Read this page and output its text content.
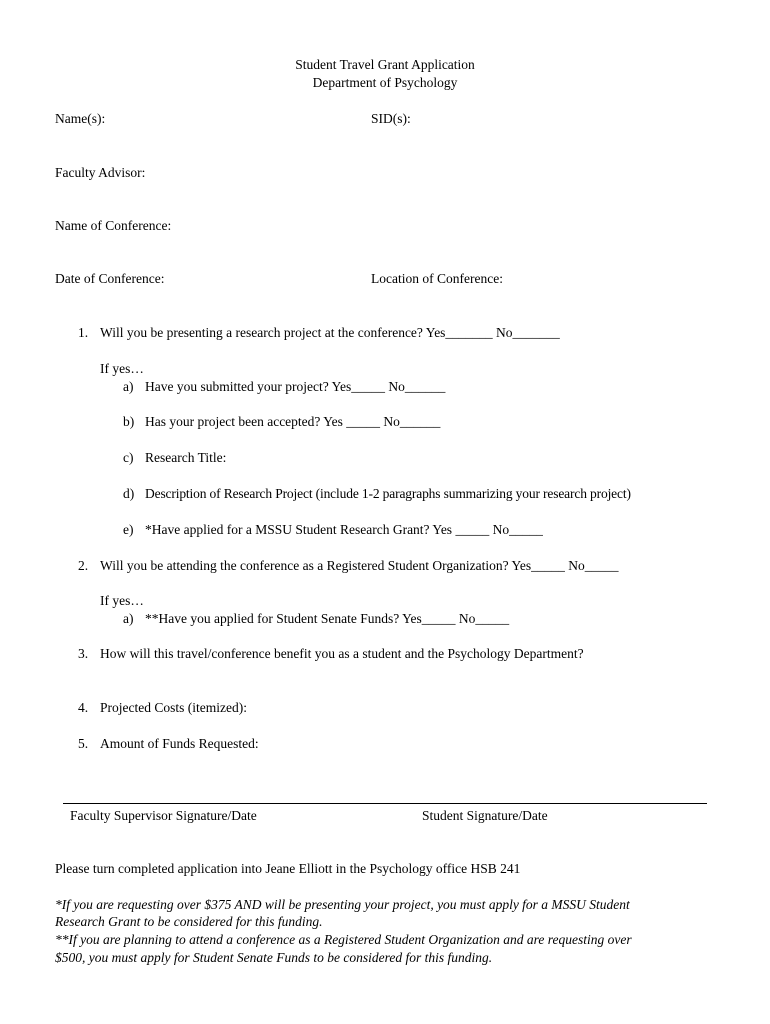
Student Travel Grant Application
Department of Psychology
Name(s):	SID(s):
Faculty Advisor:
Name of Conference:
Date of Conference:	Location of Conference:
1. Will you be presenting a research project at the conference? Yes_______ No_______
If yes…
a) Have you submitted your project? Yes_____ No______
b) Has your project been accepted? Yes _____ No______
c) Research Title:
d) Description of Research Project (include 1-2 paragraphs summarizing your research project)
e) *Have applied for a MSSU Student Research Grant? Yes _____ No_____
2. Will you be attending the conference as a Registered Student Organization? Yes_____ No_____
If yes…
a) **Have you applied for Student Senate Funds? Yes_____ No_____
3. How will this travel/conference benefit you as a student and the Psychology Department?
4. Projected Costs (itemized):
5. Amount of Funds Requested:
Faculty Supervisor Signature/Date	Student Signature/Date
Please turn completed application into Jeane Elliott in the Psychology office HSB 241
*If you are requesting over $375 AND will be presenting your project, you must apply for a MSSU Student
Research Grant to be considered for this funding.
**If you are planning to attend a conference as a Registered Student Organization and are requesting over
$500, you must apply for Student Senate Funds to be considered for this funding.
